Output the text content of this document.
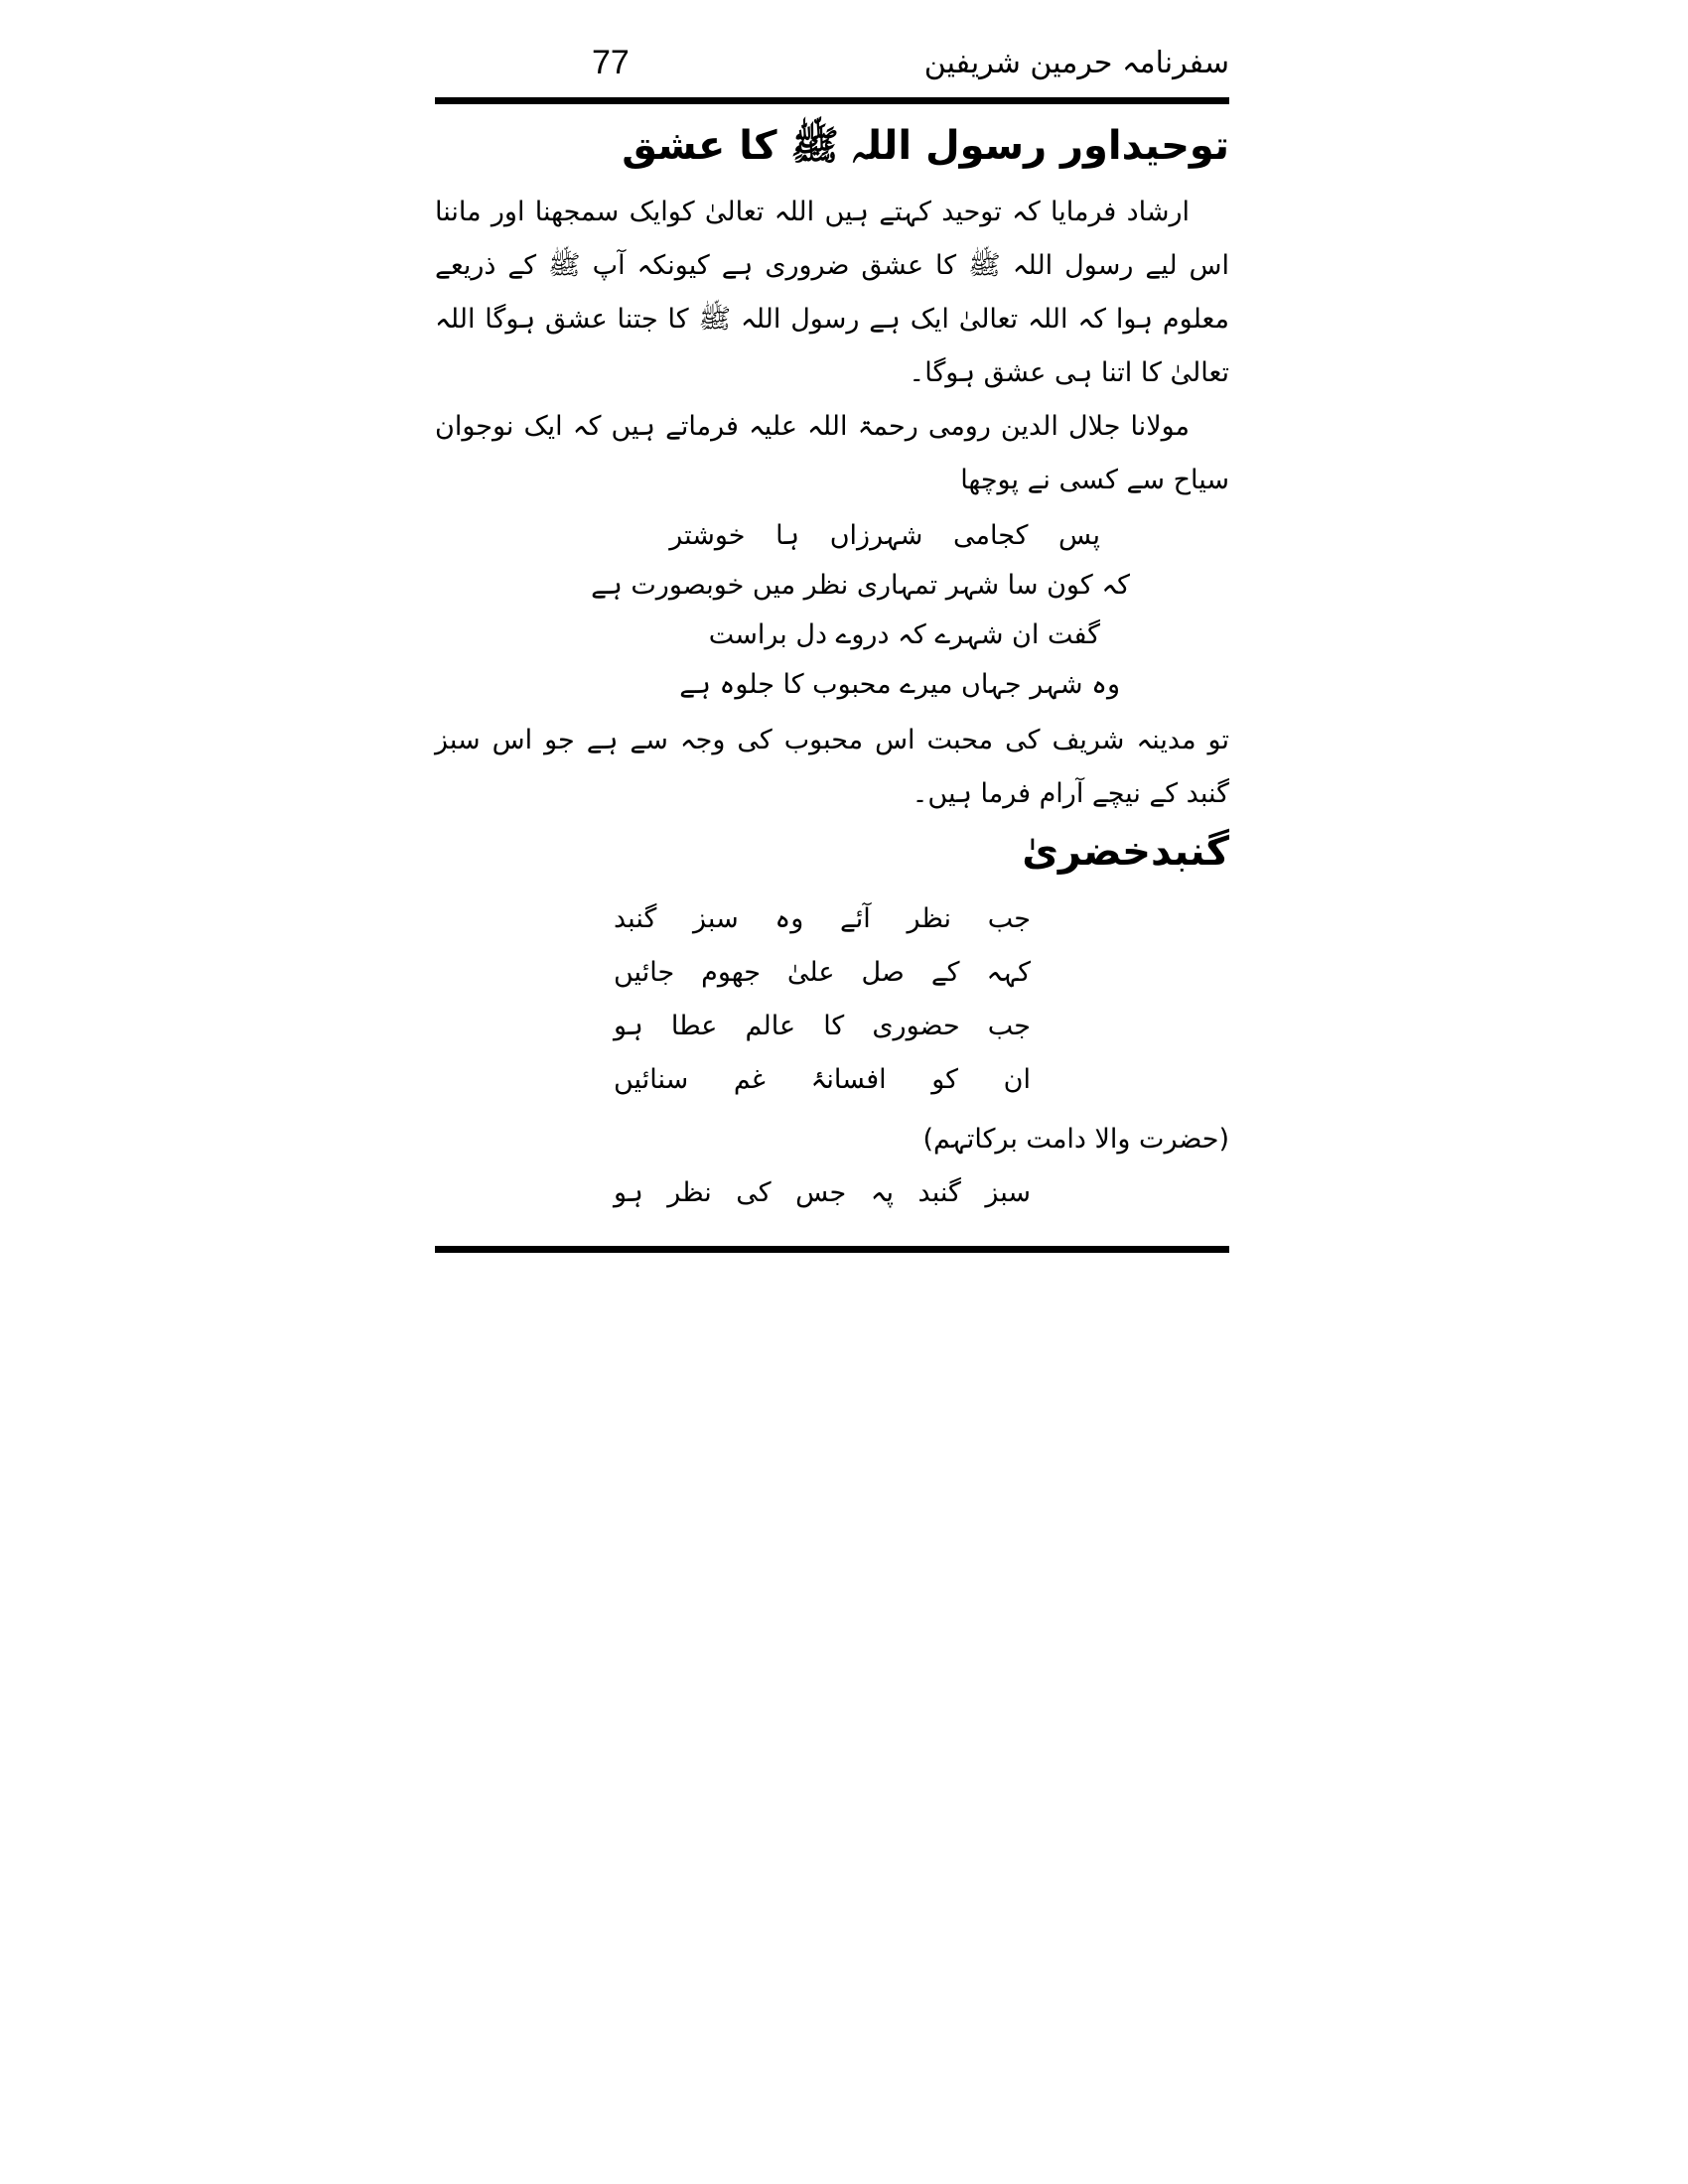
77	سفرنامہ حرمین شریفین
توحیداور رسول اللہ ﷺ کا عشق

ارشاد فرمایا کہ توحید کہتے ہیں اللہ تعالیٰ کوایک سمجھنا اور ماننا اس لیے رسول اللہ ﷺ کا عشق ضروری ہے کیونکہ آپ ﷺ کے ذریعے معلوم ہوا کہ اللہ تعالیٰ ایک ہے رسول اللہ ﷺ کا جتنا عشق ہوگا اللہ تعالیٰ کا اتنا ہی عشق ہوگا۔

مولانا جلال الدین رومی رحمۃ اللہ علیہ فرماتے ہیں کہ ایک نوجوان سیاح سے کسی نے پوچھا

پس کجامی شہرزاں ہا خوشتر
کہ کون سا شہر تمہاری نظر میں خوبصورت ہے
گفت ان شہرے کہ دروے دل براست
وہ شہر جہاں میرے محبوب کا جلوہ ہے

تو مدینہ شریف کی محبت اس محبوب کی وجہ سے ہے جو اس سبز گنبد کے نیچے آرام فرما ہیں۔

گنبدخضریٰ
جب نظر آئے وہ سبز گنبد
کہہ کے صل علیٰ جھوم جائیں
جب حضوری کا عالم عطا ہو
ان کو افسانۂ غم سنائیں
(حضرت والا دامت برکاتہم)
سبز گنبد پہ جس کی نظر ہو
